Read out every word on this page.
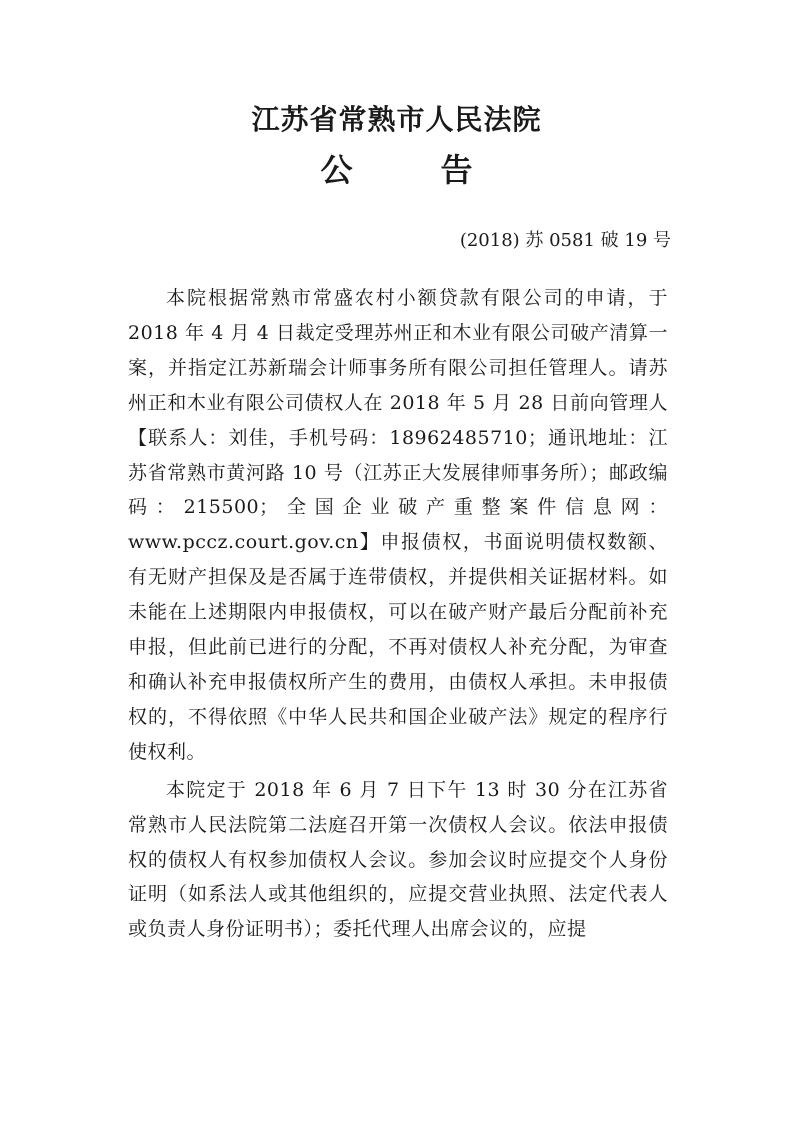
江苏省常熟市人民法院
公	告
(2018) 苏 0581 破 19 号

本院根据常熟市常盛农村小额贷款有限公司的申请，于 2018 年 4 月 4 日裁定受理苏州正和木业有限公司破产清算一案，并指定江苏新瑞会计师事务所有限公司担任管理人。请苏州正和木业有限公司债权人在 2018 年 5 月 28 日前向管理人【联系人：刘佳，手机号码：18962485710；通讯地址：江苏省常熟市黄河路 10 号（江苏正大发展律师事务所）；邮政编码：215500；全国企业破产重整案件信息网：www.pccz.court.gov.cn】申报债权，书面说明债权数额、有无财产担保及是否属于连带债权，并提供相关证据材料。如未能在上述期限内申报债权，可以在破产财产最后分配前补充申报，但此前已进行的分配，不再对债权人补充分配，为审查和确认补充申报债权所产生的费用，由债权人承担。未申报债权的，不得依照《中华人民共和国企业破产法》规定的程序行使权利。

本院定于 2018 年 6 月 7 日下午 13 时 30 分在江苏省常熟市人民法院第二法庭召开第一次债权人会议。依法申报债权的债权人有权参加债权人会议。参加会议时应提交个人身份证明（如系法人或其他组织的，应提交营业执照、法定代表人或负责人身份证明书）；委托代理人出席会议的，应提
